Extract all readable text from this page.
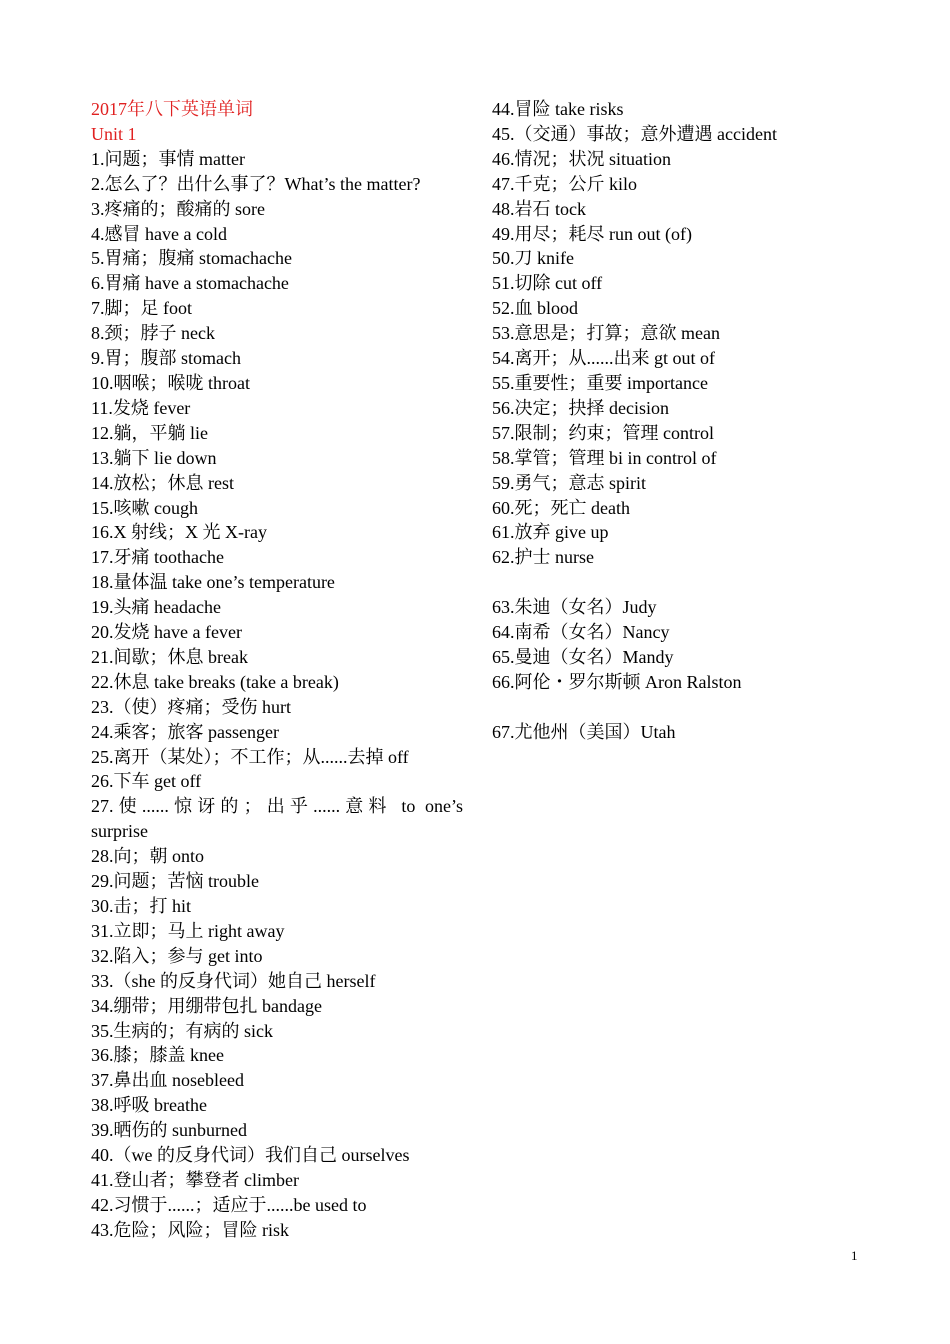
2017年八下英语单词
Unit 1
1.问题；事情 matter
2.怎么了？出什么事了？What’s the matter?
3.疼痛的；酸痛的 sore
4.感冒 have a cold
5.胃痛；腹痛 stomachache
6.胃痛 have a stomachache
7.脚；足 foot
8.颈；脖子 neck
9.胃；腹部 stomach
10.咽喉；喉咙 throat
11.发烧 fever
12.躺，平躺 lie
13.躺下 lie down
14.放松；休息 rest
15.咳嗽 cough
16.X 射线；X 光 X-ray
17.牙痛 toothache
18.量体温 take one’s temperature
19.头痛 headache
20.发烧 have a fever
21.间歇；休息 break
22.休息 take breaks (take a break)
23.（使）疼痛；受伤 hurt
24.乘客；旅客 passenger
25.离开（某处）；不工作；从......去掉 off
26.下车 get off
27.使......惊讶的；出乎......意料 to one’s
surprise
28.向；朝 onto
29.问题；苦恼 trouble
30.击；打 hit
31.立即；马上 right away
32.陷入；参与 get into
33.（she 的反身代词）她自己 herself
34.绷带；用绷带包扎 bandage
35.生病的；有病的 sick
36.膝；膝盖 knee
37.鼻出血 nosebleed
38.呼吸 breathe
39.晒伤的 sunburned
40.（we 的反身代词）我们自己 ourselves
41.登山者；攀登者 climber
42.习惯于......；适应于......be used to
43.危险；风险；冒险 risk
44.冒险 take risks
45.（交通）事故；意外遭遇 accident
46.情况；状况 situation
47.千克；公斤 kilo
48.岩石 tock
49.用尽；耗尽 run out (of)
50.刀 knife
51.切除 cut off
52.血 blood
53.意思是；打算；意欲 mean
54.离开；从......出来 gt out of
55.重要性；重要 importance
56.决定；抉择 decision
57.限制；约束；管理 control
58.掌管；管理 bi in control of
59.勇气；意志 spirit
60.死；死亡 death
61.放弃 give up
62.护士 nurse
63.朱迪（女名）Judy
64.南希（女名）Nancy
65.曼迪（女名）Mandy
66.阿伦・罗尔斯顿 Aron Ralston
67.尤他州（美国）Utah
1
